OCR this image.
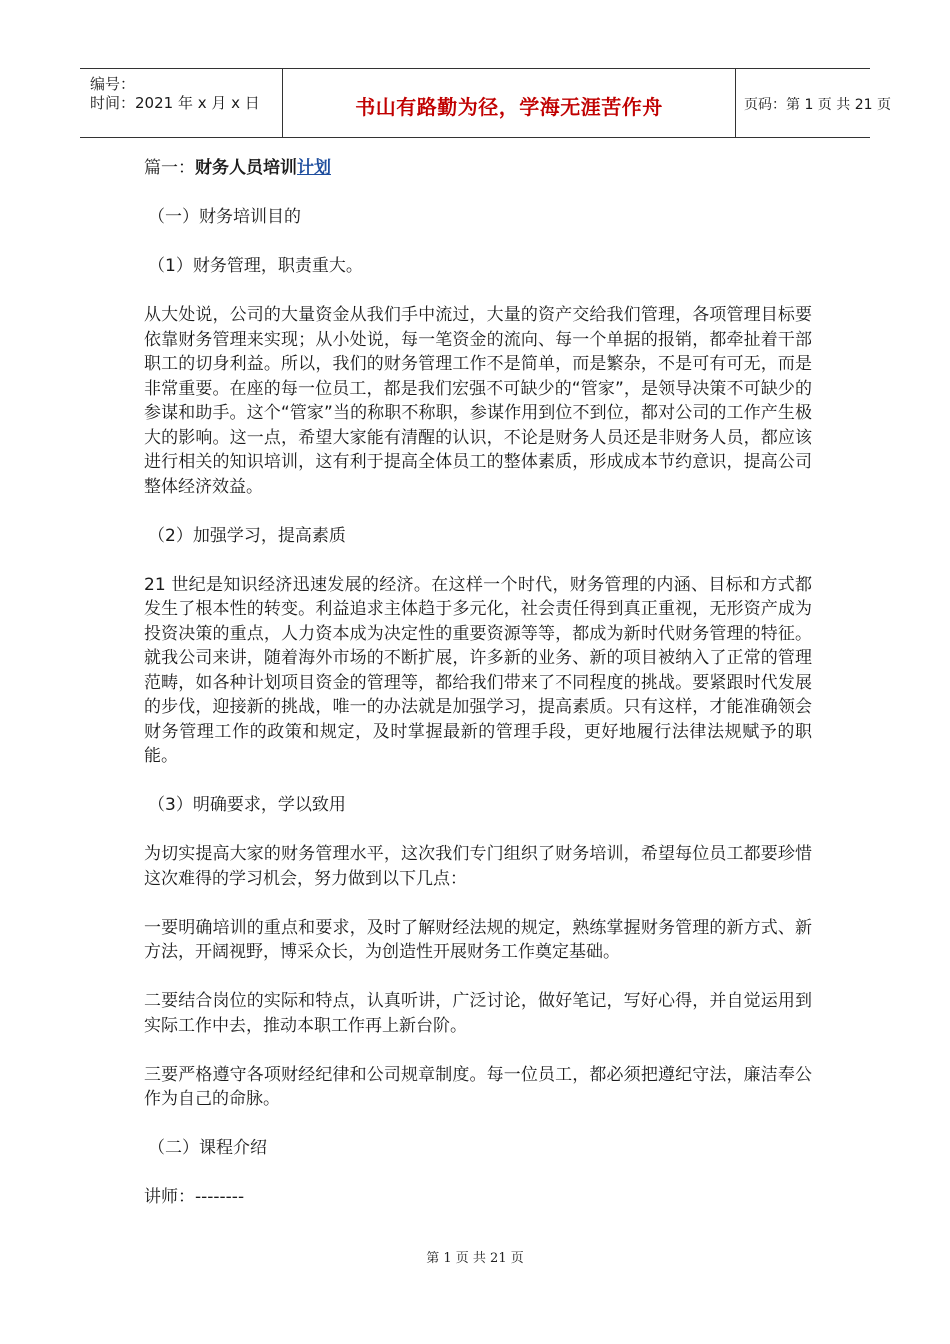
编号：
时间：2021 年 x 月 x 日	书山有路勤为径，学海无涯苦作舟	页码：第 1 页 共 21 页

篇一：财务人员培训计划

（一）财务培训目的

（1）财务管理，职责重大。

从大处说，公司的大量资金从我们手中流过，大量的资产交给我们管理，各项管理目标要依靠财务管理来实现；从小处说，每一笔资金的流向、每一个单据的报销，都牵扯着干部职工的切身利益。所以，我们的财务管理工作不是简单，而是繁杂，不是可有可无，而是非常重要。在座的每一位员工，都是我们宏强不可缺少的“管家”，是领导决策不可缺少的参谋和助手。这个“管家”当的称职不称职，参谋作用到位不到位，都对公司的工作产生极大的影响。这一点，希望大家能有清醒的认识，不论是财务人员还是非财务人员，都应该进行相关的知识培训，这有利于提高全体员工的整体素质，形成成本节约意识，提高公司整体经济效益。

（2）加强学习，提高素质

21 世纪是知识经济迅速发展的经济。在这样一个时代，财务管理的内涵、目标和方式都发生了根本性的转变。利益追求主体趋于多元化，社会责任得到真正重视，无形资产成为投资决策的重点，人力资本成为决定性的重要资源等等，都成为新时代财务管理的特征。就我公司来讲，随着海外市场的不断扩展，许多新的业务、新的项目被纳入了正常的管理范畴，如各种计划项目资金的管理等，都给我们带来了不同程度的挑战。要紧跟时代发展的步伐，迎接新的挑战，唯一的办法就是加强学习，提高素质。只有这样，才能准确领会财务管理工作的政策和规定，及时掌握最新的管理手段，更好地履行法律法规赋予的职能。

（3）明确要求，学以致用

为切实提高大家的财务管理水平，这次我们专门组织了财务培训，希望每位员工都要珍惜这次难得的学习机会，努力做到以下几点：

一要明确培训的重点和要求，及时了解财经法规的规定，熟练掌握财务管理的新方式、新方法，开阔视野，博采众长，为创造性开展财务工作奠定基础。

二要结合岗位的实际和特点，认真听讲，广泛讨论，做好笔记，写好心得，并自觉运用到实际工作中去，推动本职工作再上新台阶。

三要严格遵守各项财经纪律和公司规章制度。每一位员工，都必须把遵纪守法，廉洁奉公作为自己的命脉。

（二）课程介绍

讲师：--------

第 1 页 共 21 页
